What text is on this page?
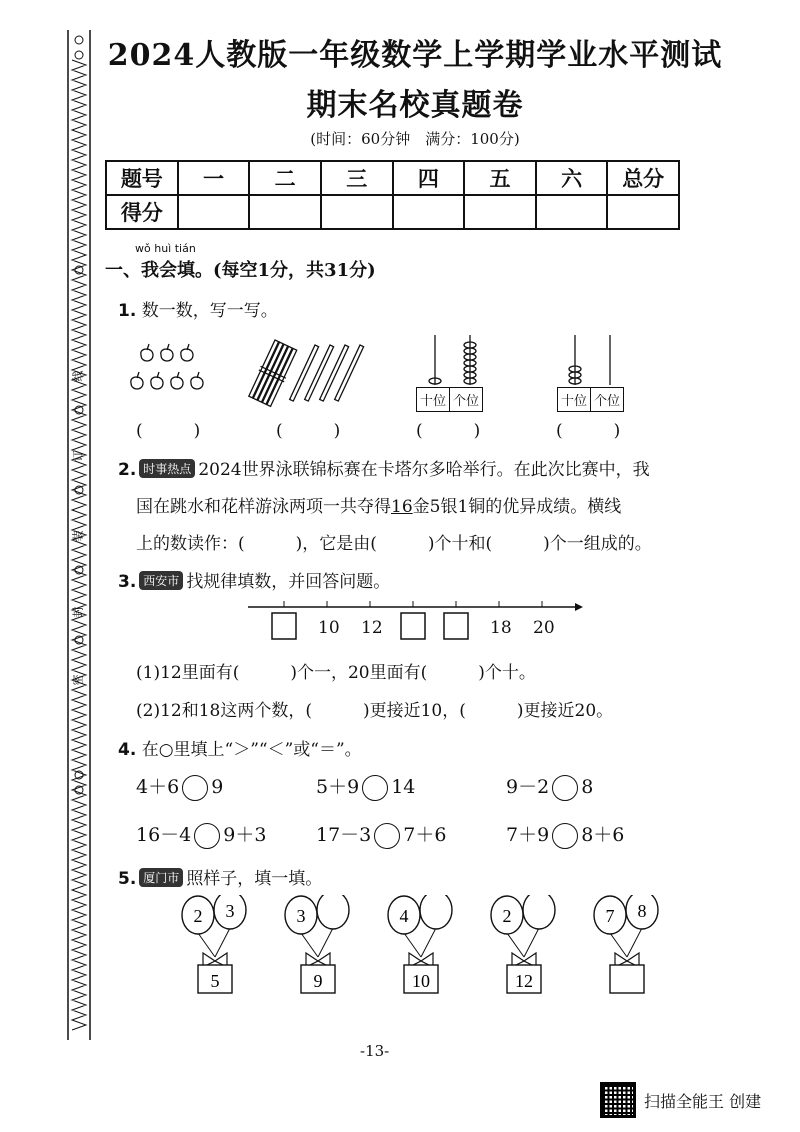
线
订
装
封
密
2024人教版一年级数学上学期学业水平测试
期末名校真题卷
(时间：60分钟　满分：100分)
题号	一	二	三	四	五	六	总分
得分							
wǒ huì tián
一、我会填。(每空1分，共31分)
1. 数一数，写一写。
十位 个位	十位 个位
(　　　)	(　　　)	(　　　)	(　　　)
2. 时事热点 2024世界泳联锦标赛在卡塔尔多哈举行。在此次比赛中，我
国在跳水和花样游泳两项一共夺得16金5银1铜的优异成绩。横线
上的数读作：(　　　)，它是由(　　　)个十和(　　　)个一组成的。
3. 西安市 找规律填数，并回答问题。
10 12	18 20
(1)12里面有(　　　)个一，20里面有(　　　)个十。
(2)12和18这两个数，(　　　)更接近10，(　　　)更接近20。
4. 在○里填上“＞”“＜”或“＝”。
4＋6 9	5＋9 14	9－2 8
16－4 9＋3	17－3 7＋6	7＋9 8＋6
5. 厦门市 照样子，填一填。
2 3
5
3
9
4
10
2
12
7 8
-13-
扫描全能王 创建
